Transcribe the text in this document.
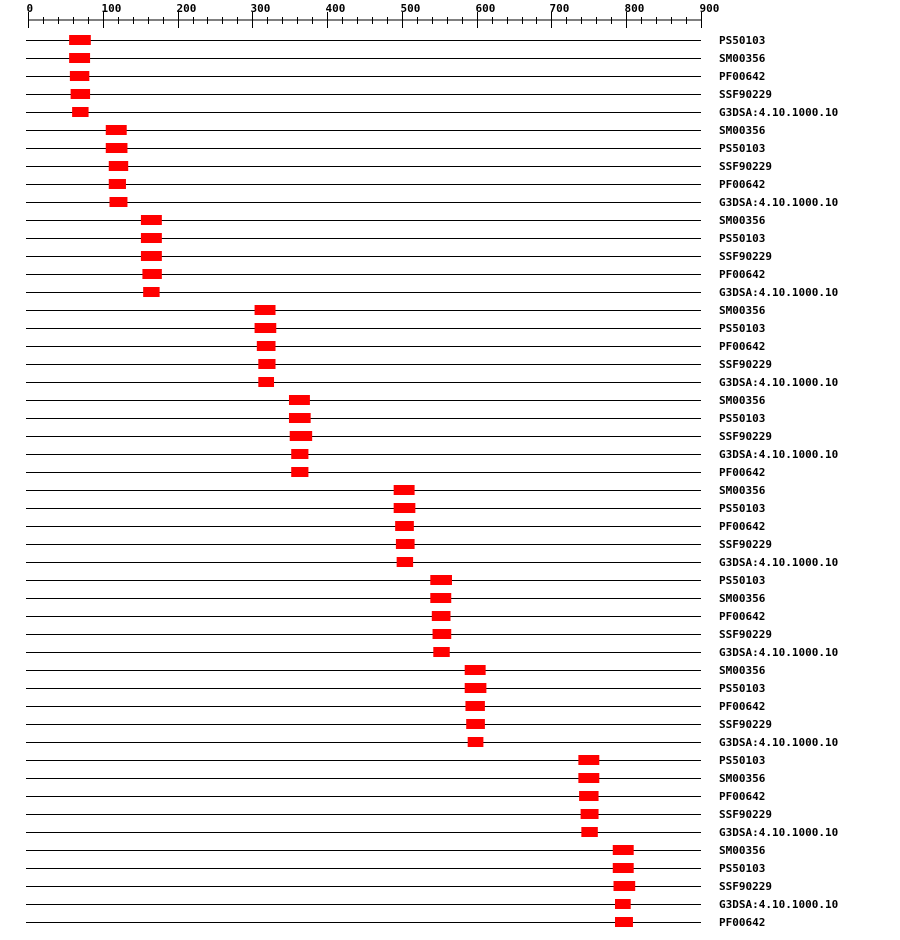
0	100	200	300	400	500	600	700	800	900
PS50103
SM00356
PF00642
SSF90229
G3DSA:4.10.1000.10
SM00356
PS50103
SSF90229
PF00642
G3DSA:4.10.1000.10
SM00356
PS50103
SSF90229
PF00642
G3DSA:4.10.1000.10
SM00356
PS50103
PF00642
SSF90229
G3DSA:4.10.1000.10
SM00356
PS50103
SSF90229
G3DSA:4.10.1000.10
PF00642
SM00356
PS50103
PF00642
SSF90229
G3DSA:4.10.1000.10
PS50103
SM00356
PF00642
SSF90229
G3DSA:4.10.1000.10
SM00356
PS50103
PF00642
SSF90229
G3DSA:4.10.1000.10
PS50103
SM00356
PF00642
SSF90229
G3DSA:4.10.1000.10
SM00356
PS50103
SSF90229
G3DSA:4.10.1000.10
PF00642
